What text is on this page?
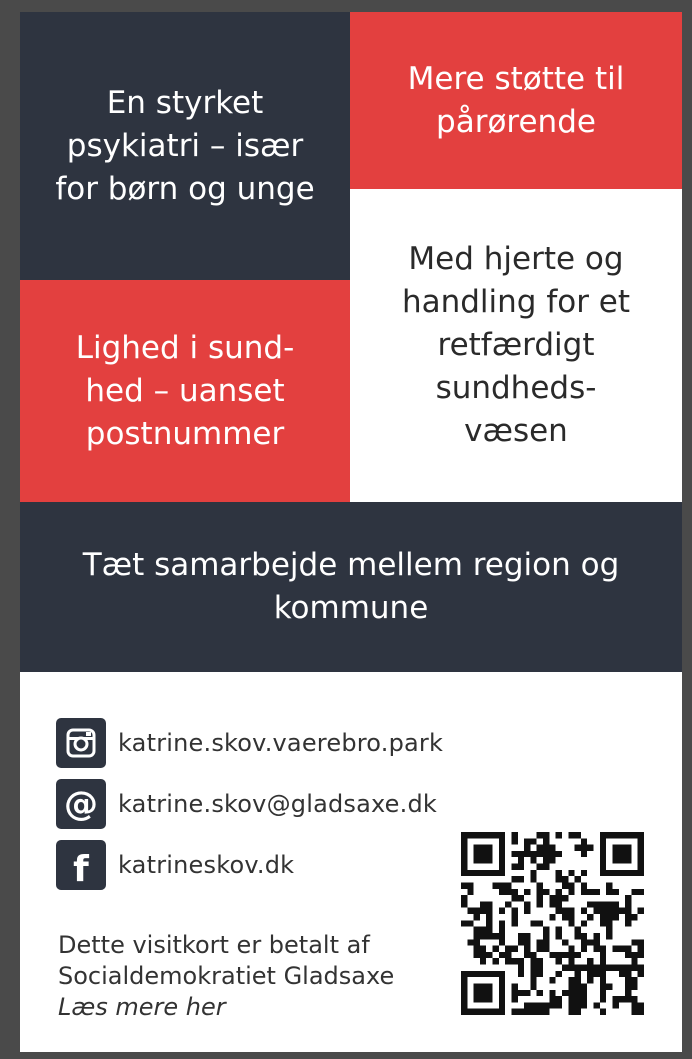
En styrket psykiatri – især for børn og unge
Mere støtte til pårørende
Lighed i sund-hed – uanset postnummer
Med hjerte og handling for et retfærdigt sundheds-væsen
Tæt samarbejde mellem region og kommune
katrine.skov.vaerebro.park
@ katrine.skov@gladsaxe.dk
f	katrineskov.dk
Dette visitkort er betalt af
Socialdemokratiet Gladsaxe
Læs mere her
